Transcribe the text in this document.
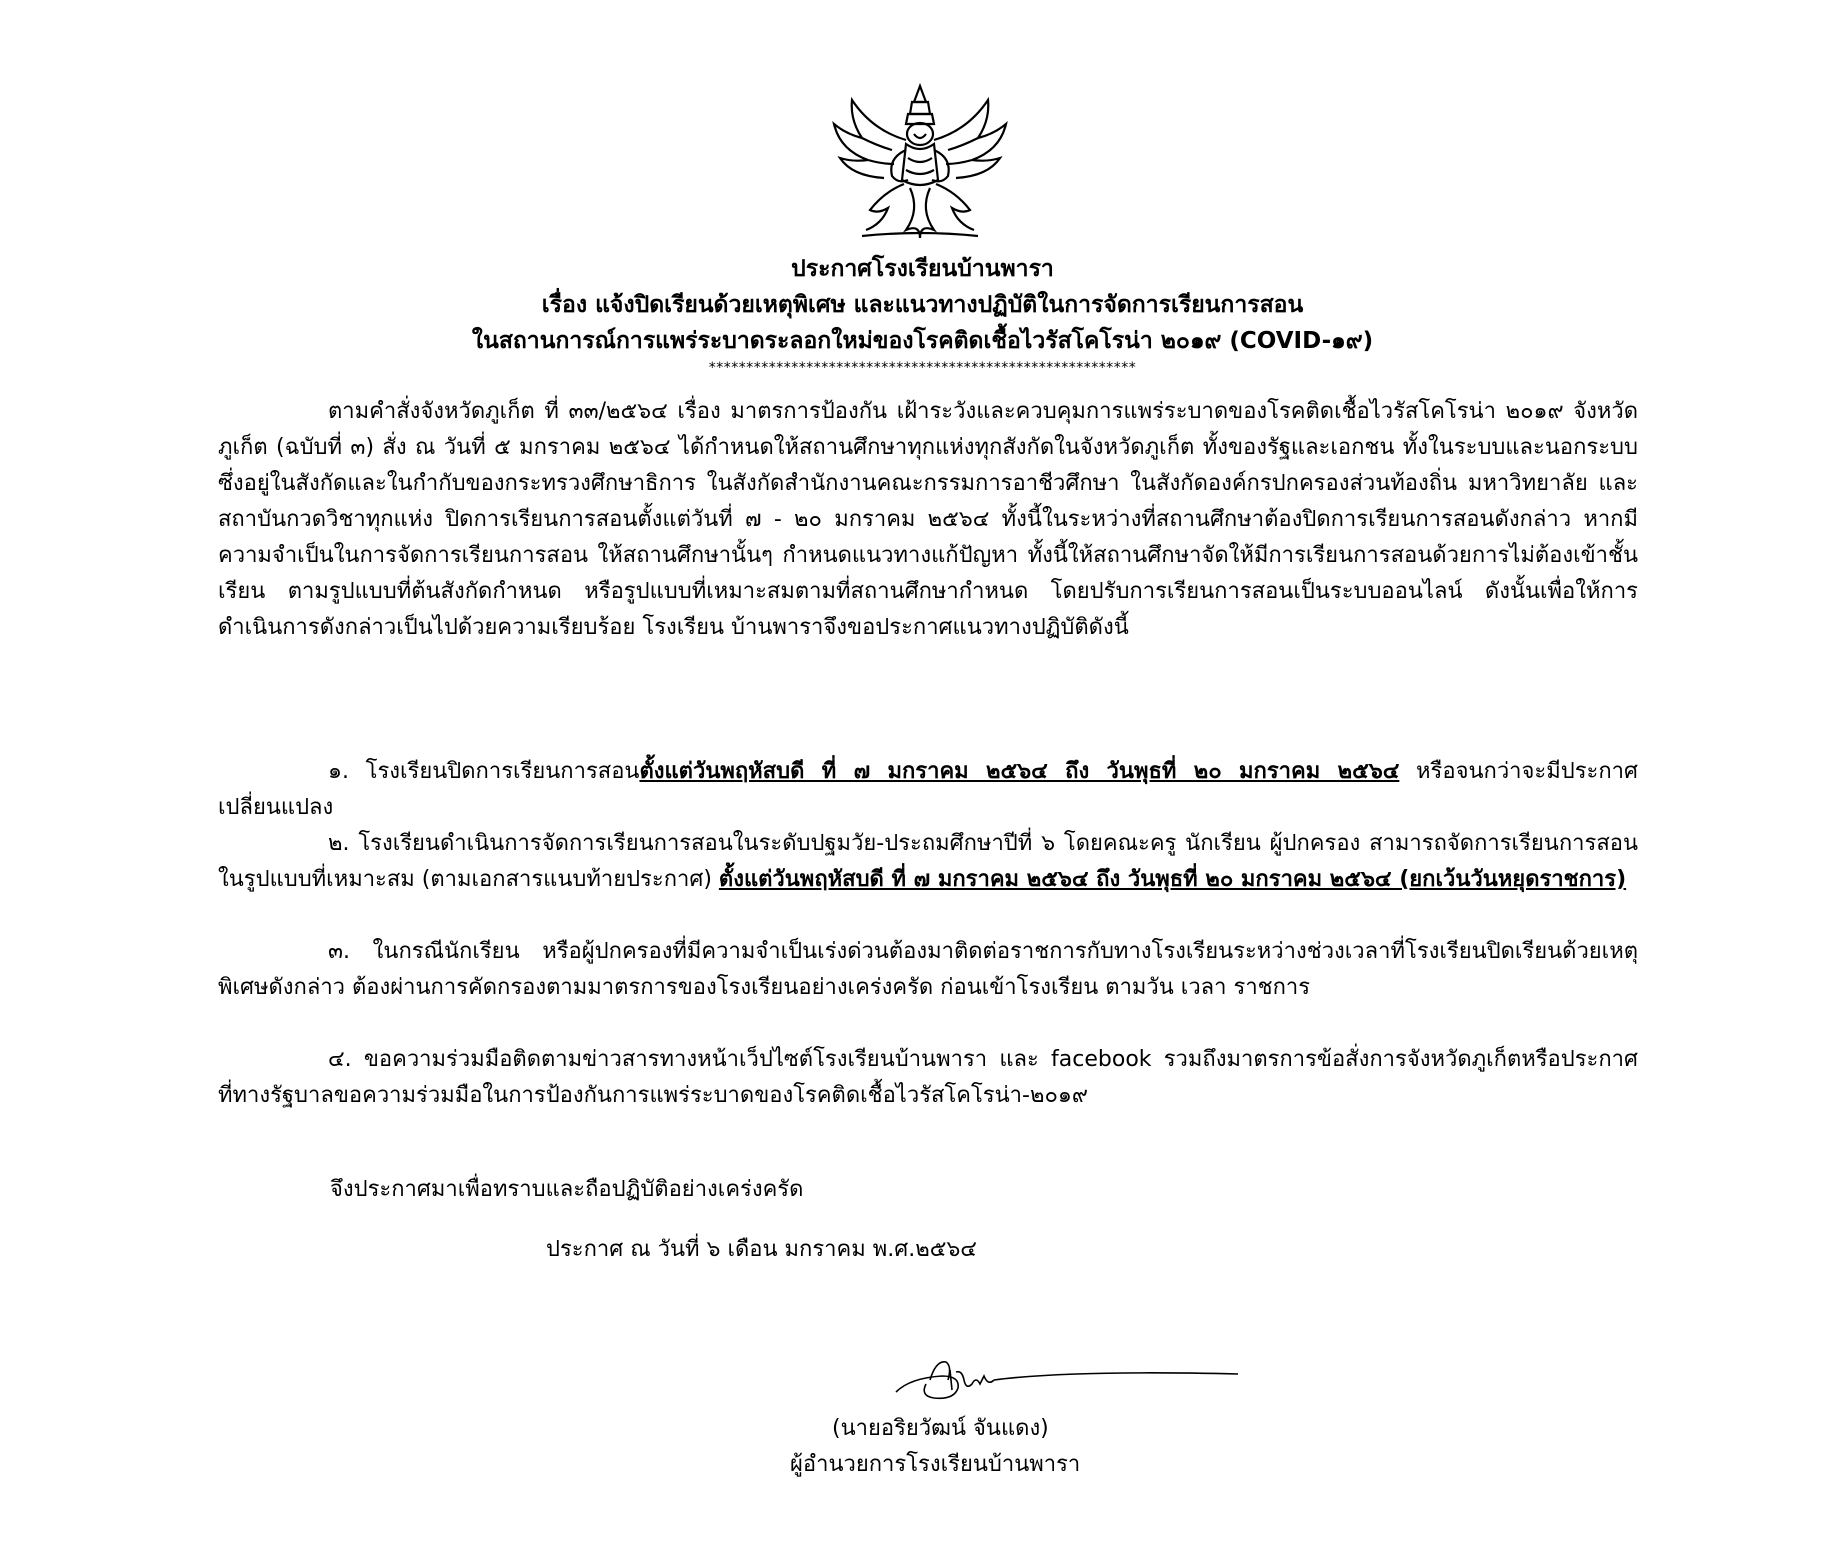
ประกาศโรงเรียนบ้านพารา
เรื่อง แจ้งปิดเรียนด้วยเหตุพิเศษ และแนวทางปฏิบัติในการจัดการเรียนการสอน
ในสถานการณ์การแพร่ระบาดระลอกใหม่ของโรคติดเชื้อไวรัสโคโรน่า ๒๐๑๙ (COVID-๑๙)
*********************************************************
ตามคำสั่งจังหวัดภูเก็ต ที่ ๓๓/๒๕๖๔ เรื่อง มาตรการป้องกัน เฝ้าระวังและควบคุมการแพร่ระบาดของโรคติดเชื้อไวรัสโคโรน่า ๒๐๑๙ จังหวัดภูเก็ต (ฉบับที่ ๓) สั่ง ณ วันที่ ๕ มกราคม ๒๕๖๔ ได้กำหนดให้สถานศึกษาทุกแห่งทุกสังกัดในจังหวัดภูเก็ต ทั้งของรัฐและเอกชน ทั้งในระบบและนอกระบบ ซึ่งอยู่ในสังกัดและในกำกับของกระทรวงศึกษาธิการ ในสังกัดสำนักงานคณะกรรมการอาชีวศึกษา ในสังกัดองค์กรปกครองส่วนท้องถิ่น มหาวิทยาลัย และสถาบันกวดวิชาทุกแห่ง ปิดการเรียนการสอนตั้งแต่วันที่ ๗ - ๒๐ มกราคม ๒๕๖๔ ทั้งนี้ในระหว่างที่สถานศึกษาต้องปิดการเรียนการสอนดังกล่าว หากมีความจำเป็นในการจัดการเรียนการสอน ให้สถานศึกษานั้นๆ กำหนดแนวทางแก้ปัญหา ทั้งนี้ให้สถานศึกษาจัดให้มีการเรียนการสอนด้วยการไม่ต้องเข้าชั้นเรียน ตามรูปแบบที่ต้นสังกัดกำหนด หรือรูปแบบที่เหมาะสมตามที่สถานศึกษากำหนด โดยปรับการเรียนการสอนเป็นระบบออนไลน์ ดังนั้นเพื่อให้การดำเนินการดังกล่าวเป็นไปด้วยความเรียบร้อย โรงเรียน บ้านพาราจึงขอประกาศแนวทางปฏิบัติดังนี้
๑. โรงเรียนปิดการเรียนการสอนตั้งแต่วันพฤหัสบดี ที่ ๗ มกราคม ๒๕๖๔ ถึง วันพุธที่ ๒๐ มกราคม ๒๕๖๔ หรือจนกว่าจะมีประกาศเปลี่ยนแปลง
๒. โรงเรียนดำเนินการจัดการเรียนการสอนในระดับปฐมวัย-ประถมศึกษาปีที่ ๖ โดยคณะครู นักเรียน ผู้ปกครอง สามารถจัดการเรียนการสอนในรูปแบบที่เหมาะสม (ตามเอกสารแนบท้ายประกาศ) ตั้งแต่วันพฤหัสบดี ที่ ๗ มกราคม ๒๕๖๔ ถึง วันพุธที่ ๒๐ มกราคม ๒๕๖๔ (ยกเว้นวันหยุดราชการ)
๓. ในกรณีนักเรียน หรือผู้ปกครองที่มีความจำเป็นเร่งด่วนต้องมาติดต่อราชการกับทางโรงเรียนระหว่างช่วงเวลาที่โรงเรียนปิดเรียนด้วยเหตุพิเศษดังกล่าว ต้องผ่านการคัดกรองตามมาตรการของโรงเรียนอย่างเคร่งครัด ก่อนเข้าโรงเรียน ตามวัน เวลา ราชการ
๔. ขอความร่วมมือติดตามข่าวสารทางหน้าเว็ปไซต์โรงเรียนบ้านพารา และ facebook รวมถึงมาตรการข้อสั่งการจังหวัดภูเก็ตหรือประกาศที่ทางรัฐบาลขอความร่วมมือในการป้องกันการแพร่ระบาดของโรคติดเชื้อไวรัสโคโรน่า-๒๐๑๙
จึงประกาศมาเพื่อทราบและถือปฏิบัติอย่างเคร่งครัด
ประกาศ ณ วันที่ ๖ เดือน มกราคม พ.ศ.๒๕๖๔
(นายอริยวัฒน์ จันแดง)
ผู้อำนวยการโรงเรียนบ้านพารา
